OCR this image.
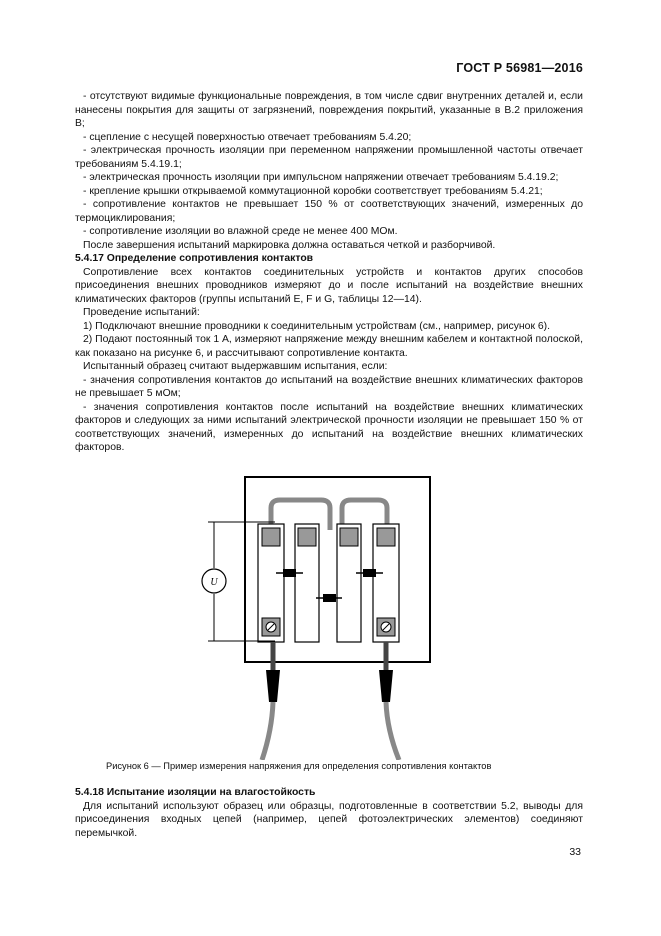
ГОСТ Р 56981—2016

- отсутствуют видимые функциональные повреждения, в том числе сдвиг внутренних деталей и, если нанесены покрытия для защиты от загрязнений, повреждения покрытий, указанные в В.2 приложения В;

- сцепление с несущей поверхностью отвечает требованиям 5.4.20;

- электрическая прочность изоляции при переменном напряжении промышленной частоты отвечает требованиям 5.4.19.1;

- электрическая прочность изоляции при импульсном напряжении отвечает требованиям 5.4.19.2;

- крепление крышки открываемой коммутационной коробки соответствует требованиям 5.4.21;

- сопротивление контактов не превышает 150 % от соответствующих значений, измеренных до термоциклирования;

- сопротивление изоляции во влажной среде не менее 400 МОм.

После завершения испытаний маркировка должна оставаться четкой и разборчивой.

5.4.17 Определение сопротивления контактов

Сопротивление всех контактов соединительных устройств и контактов других способов присоединения внешних проводников измеряют до и после испытаний на воздействие внешних климатических факторов (группы испытаний E, F и G, таблицы 12—14).

Проведение испытаний:

1) Подключают внешние проводники к соединительным устройствам (см., например, рисунок 6).

2) Подают постоянный ток 1 А, измеряют напряжение между внешним кабелем и контактной полоской, как показано на рисунке 6, и рассчитывают сопротивление контакта.

Испытанный образец считают выдержавшим испытания, если:

- значения сопротивления контактов до испытаний на воздействие внешних климатических факторов не превышает 5 мОм;

- значения сопротивления контактов после испытаний на воздействие внешних климатических факторов и следующих за ними испытаний электрической прочности изоляции не превышает 150 % от соответствующих значений, измеренных до испытаний на воздействие внешних климатических факторов.

U
Рисунок 6 — Пример измерения напряжения для определения сопротивления контактов

5.4.18 Испытание изоляции на влагостойкость

Для испытаний используют образец или образцы, подготовленные в соответствии 5.2, выводы для присоединения входных цепей (например, цепей фотоэлектрических элементов) соединяют перемычкой.

33
